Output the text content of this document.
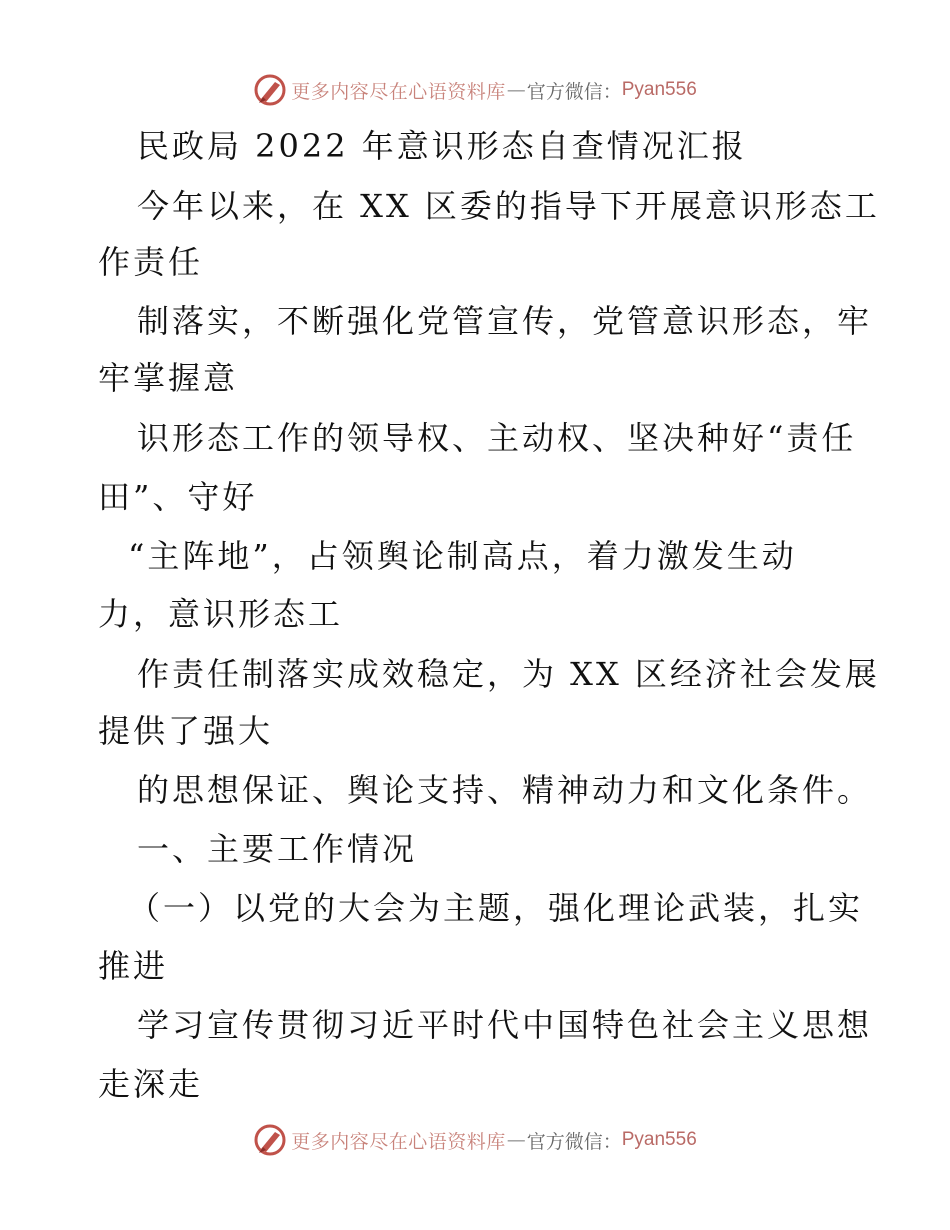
更多内容尽在心语资料库 — 官方微信： Pyan556
民政局 2022 年意识形态自查情况汇报
今年以来，在 XX 区委的指导下开展意识形态工
作责任
制落实，不断强化党管宣传，党管意识形态，牢
牢掌握意
识形态工作的领导权、主动权、坚决种好“责任
田”、守好
“主阵地”，占领舆论制高点，着力激发生动
力，意识形态工
作责任制落实成效稳定，为 XX 区经济社会发展
提供了强大
的思想保证、舆论支持、精神动力和文化条件。
一、主要工作情况
（一）以党的大会为主题，强化理论武装，扎实
推进
学习宣传贯彻习近平时代中国特色社会主义思想
走深走
更多内容尽在心语资料库 — 官方微信： Pyan556
